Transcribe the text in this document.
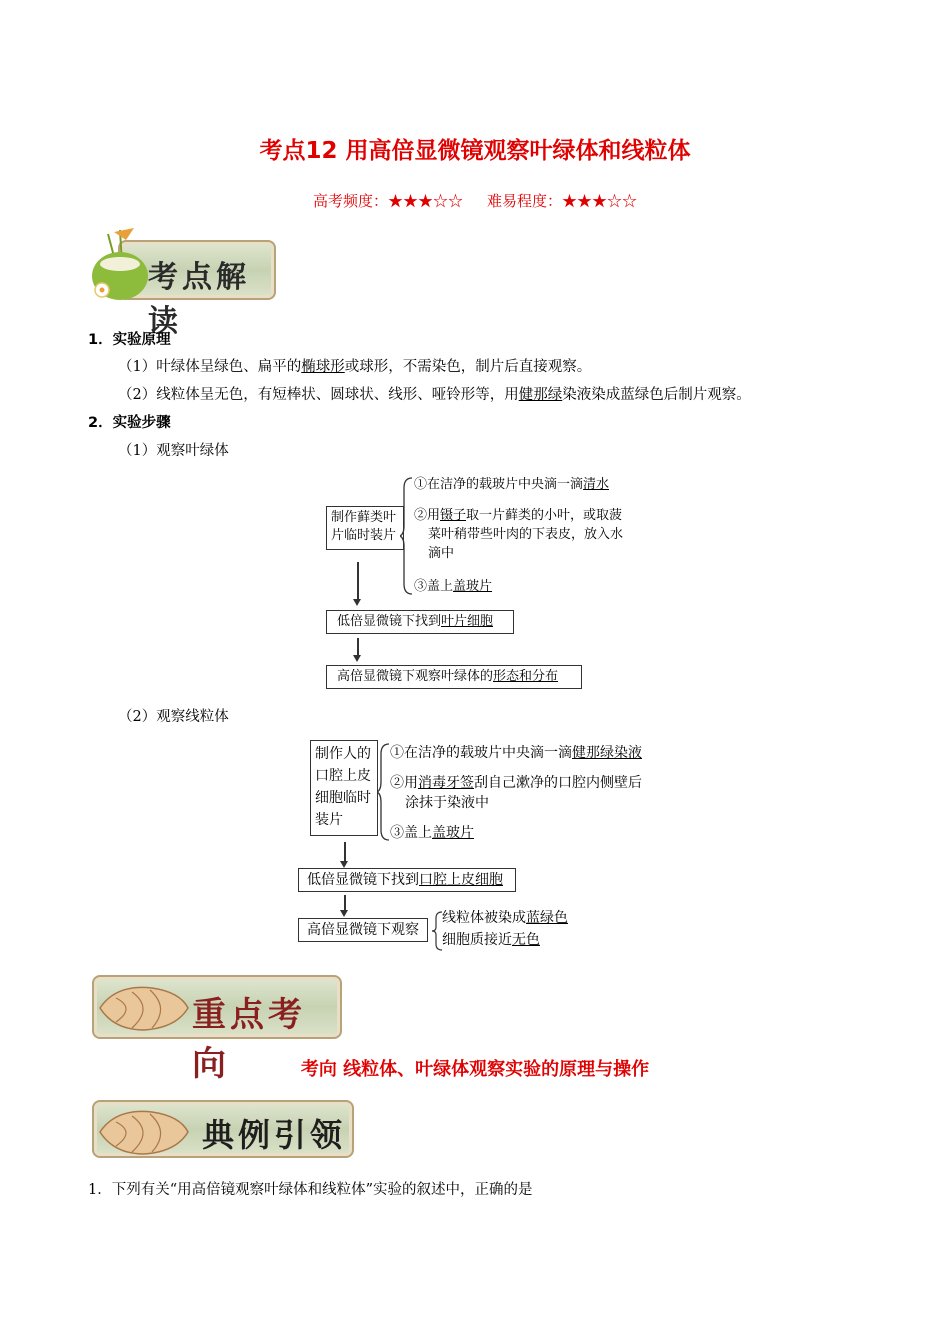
考点12 用高倍显微镜观察叶绿体和线粒体
高考频度：★★★☆☆ 难易程度：★★★☆☆
考点解读
1．实验原理
（1）叶绿体呈绿色、扁平的椭球形或球形，不需染色，制片后直接观察。
（2）线粒体呈无色，有短棒状、圆球状、线形、哑铃形等，用健那绿染液染成蓝绿色后制片观察。
2．实验步骤
（1）观察叶绿体
制作藓类叶片临时装片
①在洁净的载玻片中央滴一滴清水
②用镊子取一片藓类的小叶，或取菠
菜叶稍带些叶肉的下表皮，放入水
滴中
③盖上盖玻片
低倍显微镜下找到叶片细胞
高倍显微镜下观察叶绿体的形态和分布
（2）观察线粒体
制作人的口腔上皮细胞临时装片
①在洁净的载玻片中央滴一滴健那绿染液
②用消毒牙签刮自己漱净的口腔内侧壁后
涂抹于染液中
③盖上盖玻片
低倍显微镜下找到口腔上皮细胞
高倍显微镜下观察
线粒体被染成蓝绿色
细胞质接近无色
重点考向	考向 线粒体、叶绿体观察实验的原理与操作
典例引领
1．下列有关“用高倍镜观察叶绿体和线粒体”实验的叙述中，正确的是
